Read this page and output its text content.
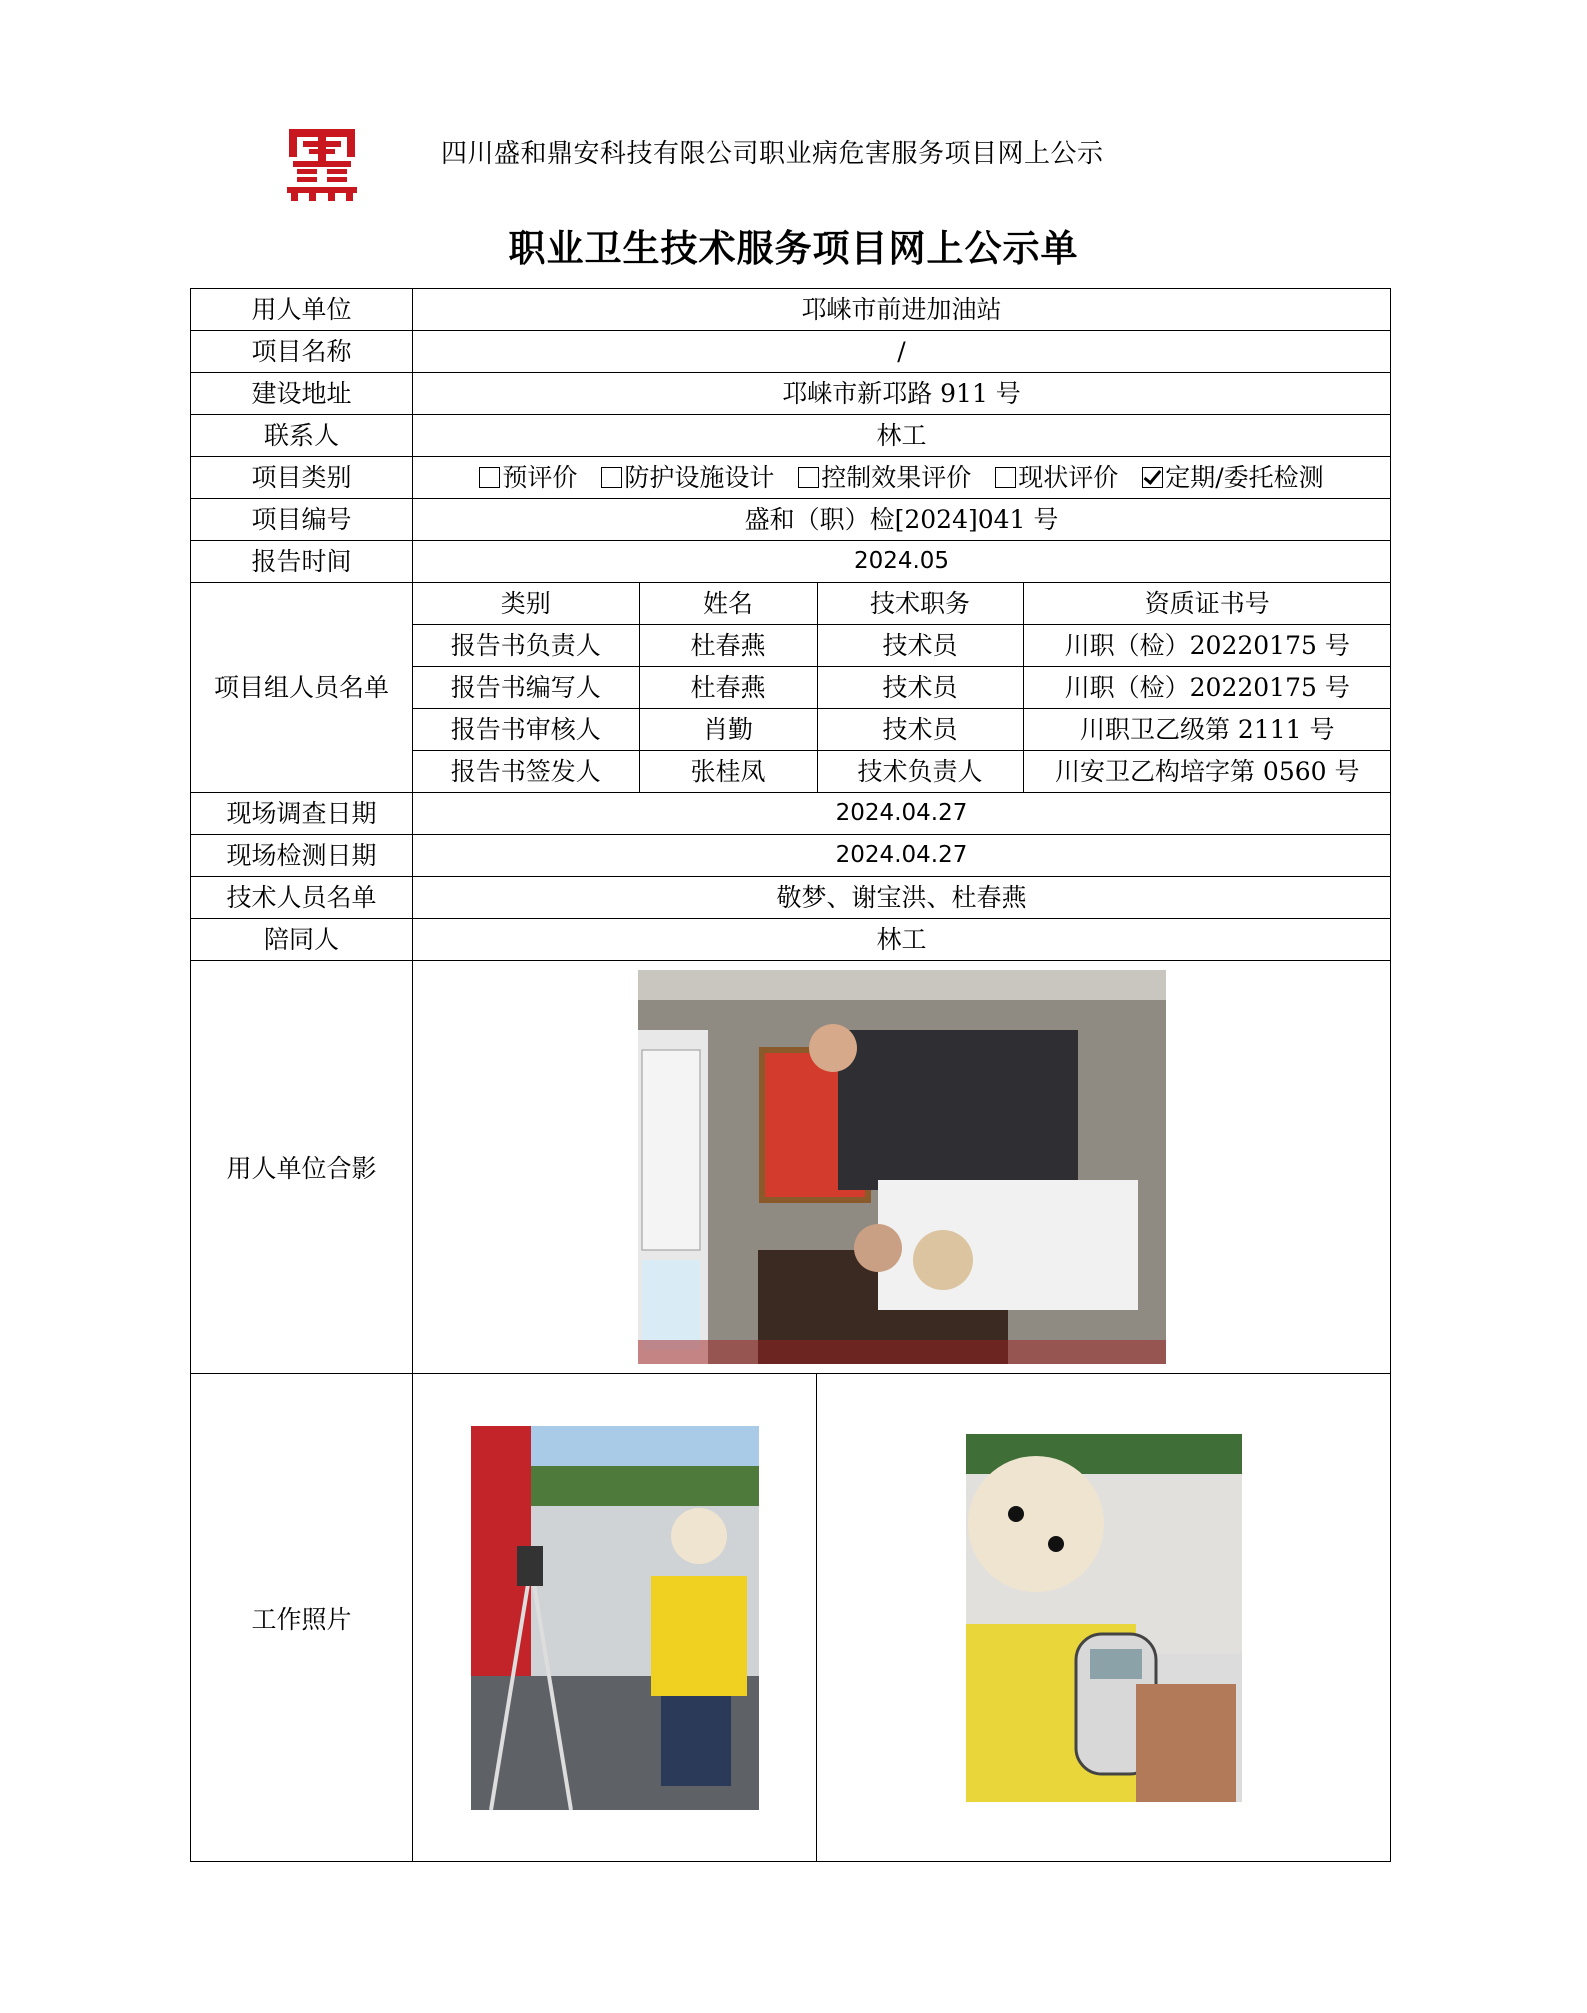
四川盛和鼎安科技有限公司职业病危害服务项目网上公示
职业卫生技术服务项目网上公示单
用人单位	邛崃市前进加油站
项目名称	/
建设地址	邛崃市新邛路 911 号
联系人	林工
项目类别	预评价 防护设施设计 控制效果评价 现状评价 定期/委托检测
项目编号	盛和（职）检[2024]041 号
报告时间	2024.05
项目组人员名单	
类别	姓名	技术职务	资质证书号
报告书负责人	杜春燕	技术员	川职（检）20220175 号
报告书编写人	杜春燕	技术员	川职（检）20220175 号
报告书审核人	肖勤	技术员	川职卫乙级第 2111 号
报告书签发人	张桂凤	技术负责人	川安卫乙构培字第 0560 号

现场调查日期	2024.04.27
现场检测日期	2024.04.27
技术人员名单	敬梦、谢宝洪、杜春燕
陪同人	林工
用人单位合影	

工作照片	
